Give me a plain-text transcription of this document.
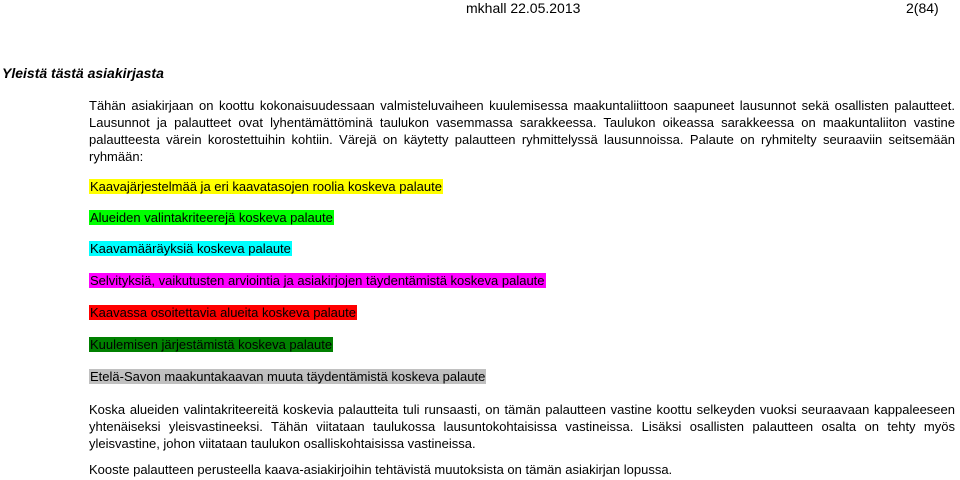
mkhall 22.05.2013	2(84)
Yleistä tästä asiakirjasta

Tähän asiakirjaan on koottu kokonaisuudessaan valmisteluvaiheen kuulemisessa maakuntaliittoon saapuneet lausunnot sekä osallisten palautteet. Lausunnot ja palautteet ovat lyhentämättöminä taulukon vasemmassa sarakkeessa. Taulukon oikeassa sarakkeessa on maakuntaliiton vastine palautteesta värein korostettuihin kohtiin. Värejä on käytetty palautteen ryhmittelyssä lausunnoissa. Palaute on ryhmitelty seuraaviin seitsemään ryhmään:

Kaavajärjestelmää ja eri kaavatasojen roolia koskeva palaute
Alueiden valintakriteerejä koskeva palaute
Kaavamääräyksiä koskeva palaute
Selvityksiä, vaikutusten arviointia ja asiakirjojen täydentämistä koskeva palaute
Kaavassa osoitettavia alueita koskeva palaute
Kuulemisen järjestämistä koskeva palaute
Etelä-Savon maakuntakaavan muuta täydentämistä koskeva palaute

Koska alueiden valintakriteereitä koskevia palautteita tuli runsaasti, on tämän palautteen vastine koottu selkeyden vuoksi seuraavaan kappaleeseen yhtenäiseksi yleisvastineeksi. Tähän viitataan taulukossa lausuntokohtaisissa vastineissa. Lisäksi osallisten palautteen osalta on tehty myös yleisvastine, johon viitataan taulukon osalliskohtaisissa vastineissa.

Kooste palautteen perusteella kaava-asiakirjoihin tehtävistä muutoksista on tämän asiakirjan lopussa.
